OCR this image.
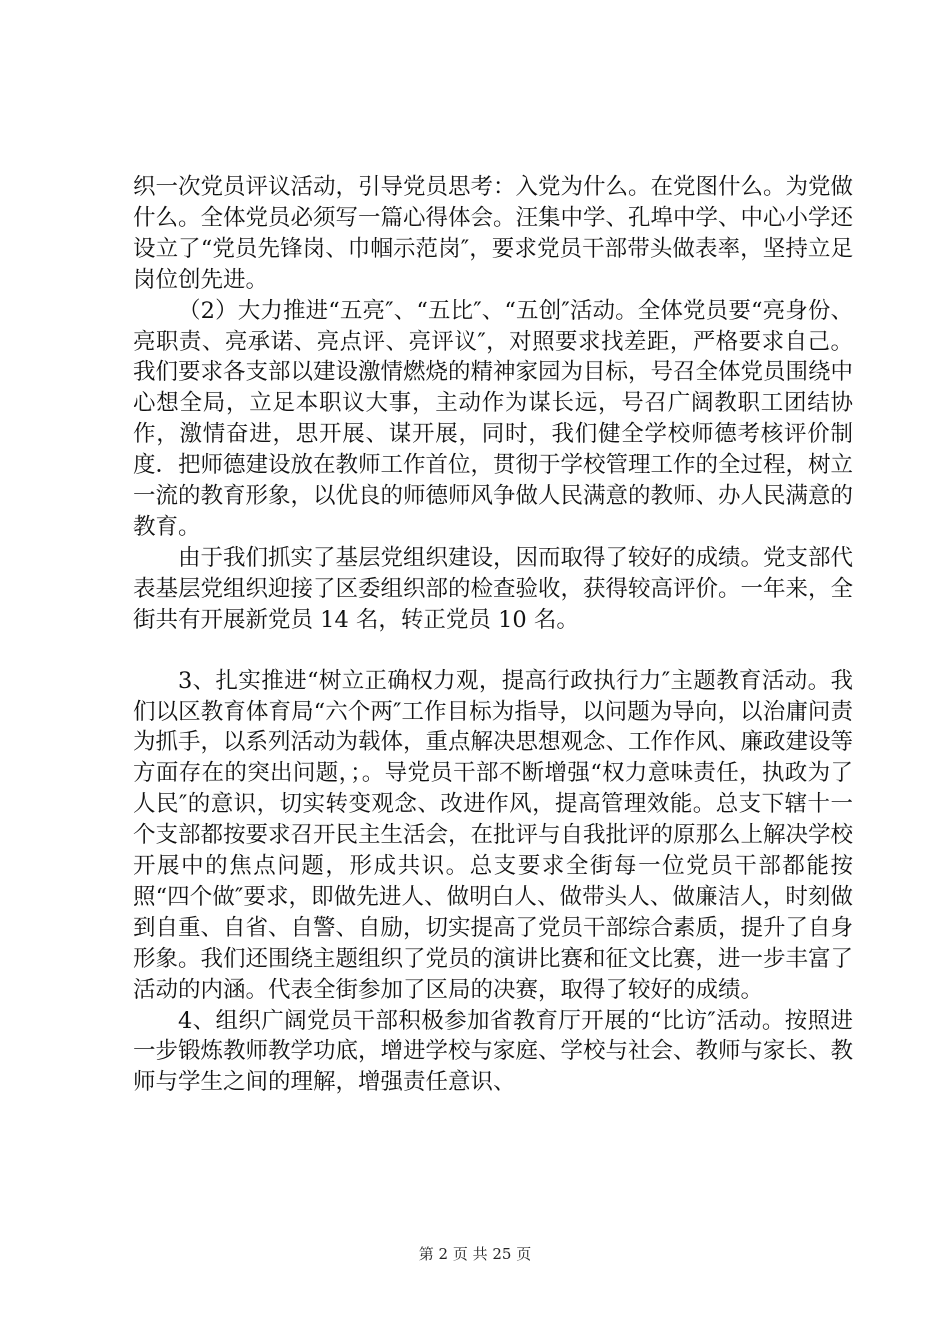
织一次党员评议活动，引导党员思考：入党为什么。在党图什么。为党做什么。全体党员必须写一篇心得体会。汪集中学、孔埠中学、中心小学还设立了“党员先锋岗、巾帼示范岗″，要求党员干部带头做表率，坚持立足岗位创先进。

（2）大力推进“五亮″、“五比″、“五创″活动。全体党员要“亮身份、亮职责、亮承诺、亮点评、亮评议″，对照要求找差距，严格要求自己。我们要求各支部以建设激情燃烧的精神家园为目标，号召全体党员围绕中心想全局，立足本职议大事，主动作为谋长远，号召广阔教职工团结协作，激情奋进，思开展、谋开展，同时，我们健全学校师德考核评价制度．把师德建设放在教师工作首位，贯彻于学校管理工作的全过程，树立一流的教育形象，以优良的师德师风争做人民满意的教师、办人民满意的教育。

由于我们抓实了基层党组织建设，因而取得了较好的成绩。党支部代表基层党组织迎接了区委组织部的检查验收，获得较高评价。一年来，全街共有开展新党员 14 名，转正党员 10 名。

3、扎实推进“树立正确权力观，提高行政执行力″主题教育活动。我们以区教育体育局“六个两″工作目标为指导，以问题为导向，以治庸问责为抓手，以系列活动为载体，重点解决思想观念、工作作风、廉政建设等方面存在的突出问题，；。导党员干部不断增强“权力意味责任，执政为了人民″的意识，切实转变观念、改进作风，提高管理效能。总支下辖十一个支部都按要求召开民主生活会，在批评与自我批评的原那么上解决学校开展中的焦点问题，形成共识。总支要求全街每一位党员干部都能按照“四个做″要求，即做先进人、做明白人、做带头人、做廉洁人，时刻做到自重、自省、自警、自励，切实提高了党员干部综合素质，提升了自身形象。我们还围绕主题组织了党员的演讲比赛和征文比赛，进一步丰富了活动的内涵。代表全街参加了区局的决赛，取得了较好的成绩。

4、组织广阔党员干部积极参加省教育厅开展的“比访″活动。按照进一步锻炼教师教学功底，增进学校与家庭、学校与社会、教师与家长、教师与学生之间的理解，增强责任意识、

第 2 页 共 25 页
